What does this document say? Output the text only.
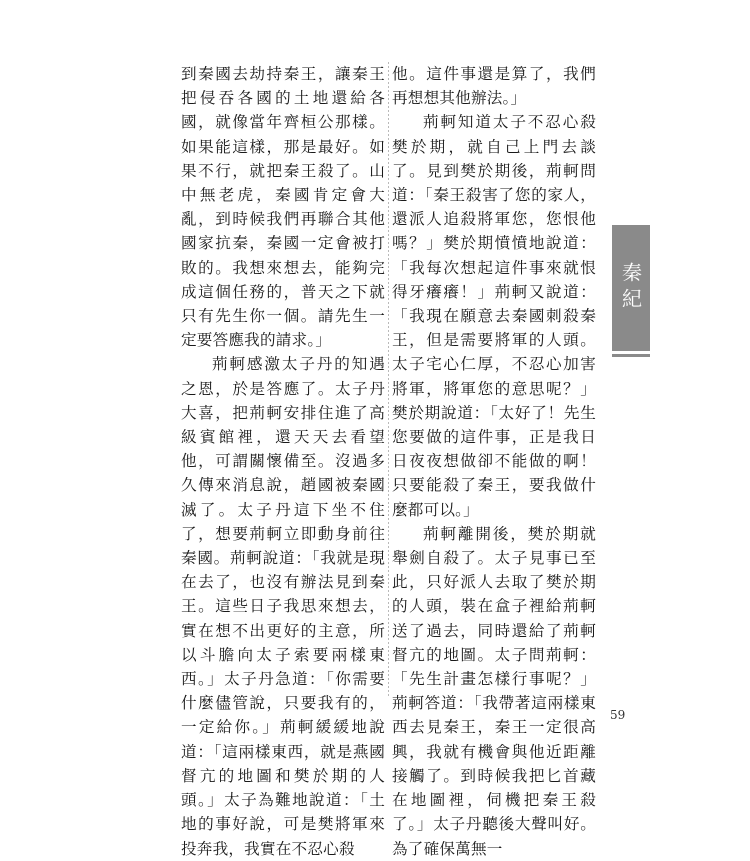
到秦國去劫持秦王，讓秦王把侵吞各國的土地還給各國，就像當年齊桓公那樣。如果能這樣，那是最好。如果不行，就把秦王殺了。山中無老虎，秦國肯定會大亂，到時候我們再聯合其他國家抗秦，秦國一定會被打敗的。我想來想去，能夠完成這個任務的，普天之下就只有先生你一個。請先生一定要答應我的請求。」

荊軻感激太子丹的知遇之恩，於是答應了。太子丹大喜，把荊軻安排住進了高級賓館裡，還天天去看望他，可謂關懷備至。沒過多久傳來消息說，趙國被秦國滅了。太子丹這下坐不住了，想要荊軻立即動身前往秦國。荊軻說道：「我就是現在去了，也沒有辦法見到秦王。這些日子我思來想去，實在想不出更好的主意，所以斗膽向太子索要兩樣東西。」太子丹急道：「你需要什麼儘管說，只要我有的，一定給你。」荊軻緩緩地說道：「這兩樣東西，就是燕國督亢的地圖和樊於期的人頭。」太子為難地說道：「土地的事好說，可是樊將軍來投奔我，我實在不忍心殺

他。這件事還是算了，我們再想想其他辦法。」

荊軻知道太子不忍心殺樊於期，就自己上門去談了。見到樊於期後，荊軻問道：「秦王殺害了您的家人，還派人追殺將軍您，您恨他嗎？」樊於期憤憤地說道：「我每次想起這件事來就恨得牙癢癢！」荊軻又說道：「我現在願意去秦國刺殺秦王，但是需要將軍的人頭。太子宅心仁厚，不忍心加害將軍，將軍您的意思呢？」樊於期說道：「太好了！先生您要做的這件事，正是我日日夜夜想做卻不能做的啊！只要能殺了秦王，要我做什麼都可以。」

荊軻離開後，樊於期就舉劍自殺了。太子見事已至此，只好派人去取了樊於期的人頭，裝在盒子裡給荊軻送了過去，同時還給了荊軻督亢的地圖。太子問荊軻：「先生計畫怎樣行事呢？」荊軻答道：「我帶著這兩樣東西去見秦王，秦王一定很高興，我就有機會與他近距離接觸了。到時候我把匕首藏在地圖裡，伺機把秦王殺了。」太子丹聽後大聲叫好。為了確保萬無一

秦紀
59
